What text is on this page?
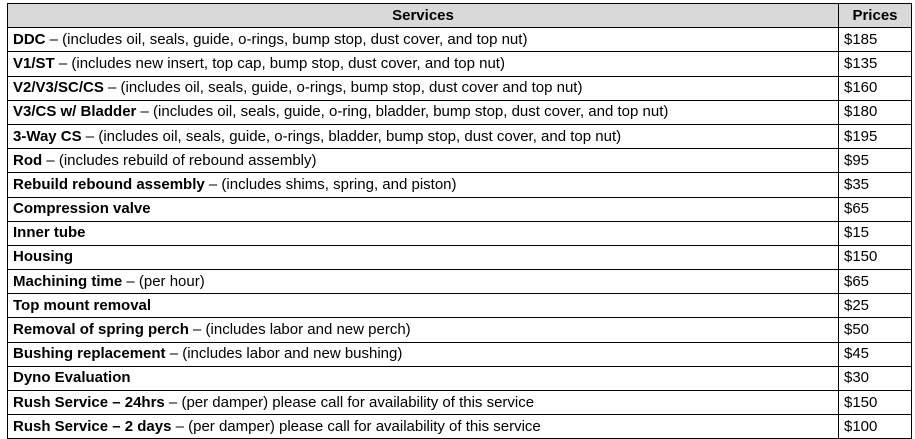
Services	Prices
DDC – (includes oil, seals, guide, o-rings, bump stop, dust cover, and top nut)	$185
V1/ST – (includes new insert, top cap, bump stop, dust cover, and top nut)	$135
V2/V3/SC/CS – (includes oil, seals, guide, o-rings, bump stop, dust cover and top nut)	$160
V3/CS w/ Bladder – (includes oil, seals, guide, o-ring, bladder, bump stop, dust cover, and top nut)	$180
3-Way CS – (includes oil, seals, guide, o-rings, bladder, bump stop, dust cover, and top nut)	$195
Rod – (includes rebuild of rebound assembly)	$95
Rebuild rebound assembly – (includes shims, spring, and piston)	$35
Compression valve	$65
Inner tube	$15
Housing	$150
Machining time – (per hour)	$65
Top mount removal	$25
Removal of spring perch – (includes labor and new perch)	$50
Bushing replacement – (includes labor and new bushing)	$45
Dyno Evaluation	$30
Rush Service – 24hrs – (per damper) please call for availability of this service	$150
Rush Service – 2 days – (per damper) please call for availability of this service	$100
